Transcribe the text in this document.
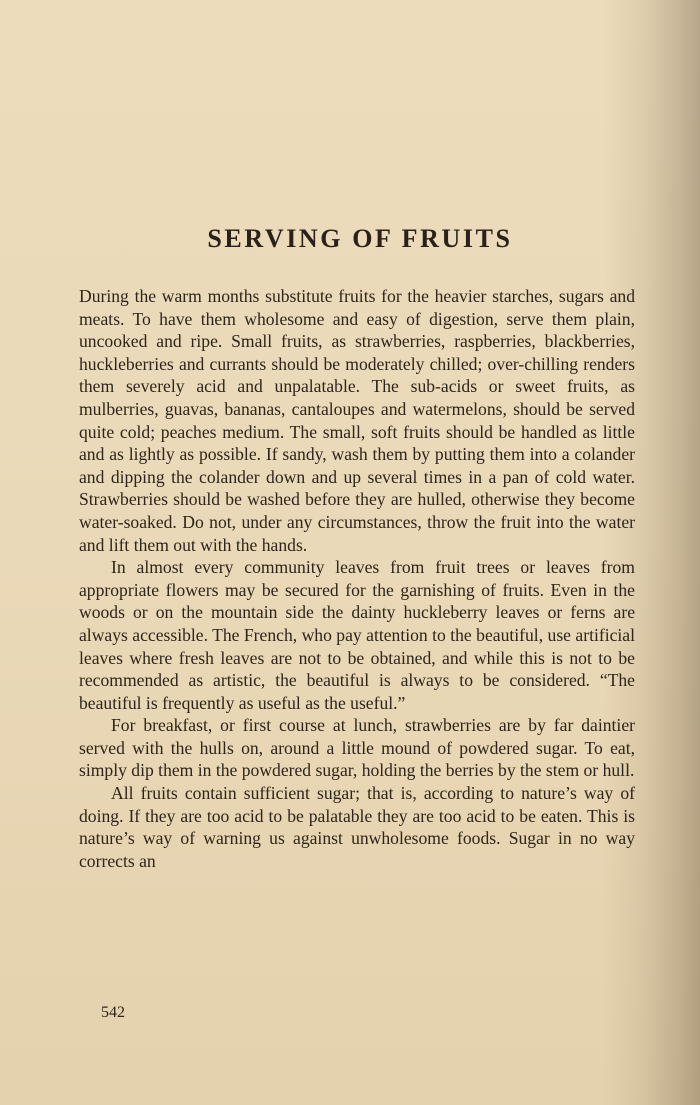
SERVING OF FRUITS

During the warm months substitute fruits for the heavier starches, sugars and meats. To have them wholesome and easy of digestion, serve them plain, uncooked and ripe. Small fruits, as strawberries, raspberries, blackberries, huckleberries and currants should be moderately chilled; over-chilling renders them severely acid and unpalatable. The sub-acids or sweet fruits, as mulberries, guavas, bananas, cantaloupes and watermelons, should be served quite cold; peaches medium. The small, soft fruits should be handled as little and as lightly as possible. If sandy, wash them by putting them into a colander and dipping the colander down and up several times in a pan of cold water. Strawberries should be washed before they are hulled, otherwise they become water-soaked. Do not, under any circumstances, throw the fruit into the water and lift them out with the hands.

In almost every community leaves from fruit trees or leaves from appropriate flowers may be secured for the garnishing of fruits. Even in the woods or on the mountain side the dainty huckleberry leaves or ferns are always accessible. The French, who pay attention to the beautiful, use artificial leaves where fresh leaves are not to be obtained, and while this is not to be recommended as artistic, the beautiful is always to be considered. “The beautiful is frequently as useful as the useful.”

For breakfast, or first course at lunch, strawberries are by far daintier served with the hulls on, around a little mound of powdered sugar. To eat, simply dip them in the powdered sugar, holding the berries by the stem or hull.

All fruits contain sufficient sugar; that is, according to nature’s way of doing. If they are too acid to be palatable they are too acid to be eaten. This is nature’s way of warning us against unwholesome foods. Sugar in no way corrects an

542
